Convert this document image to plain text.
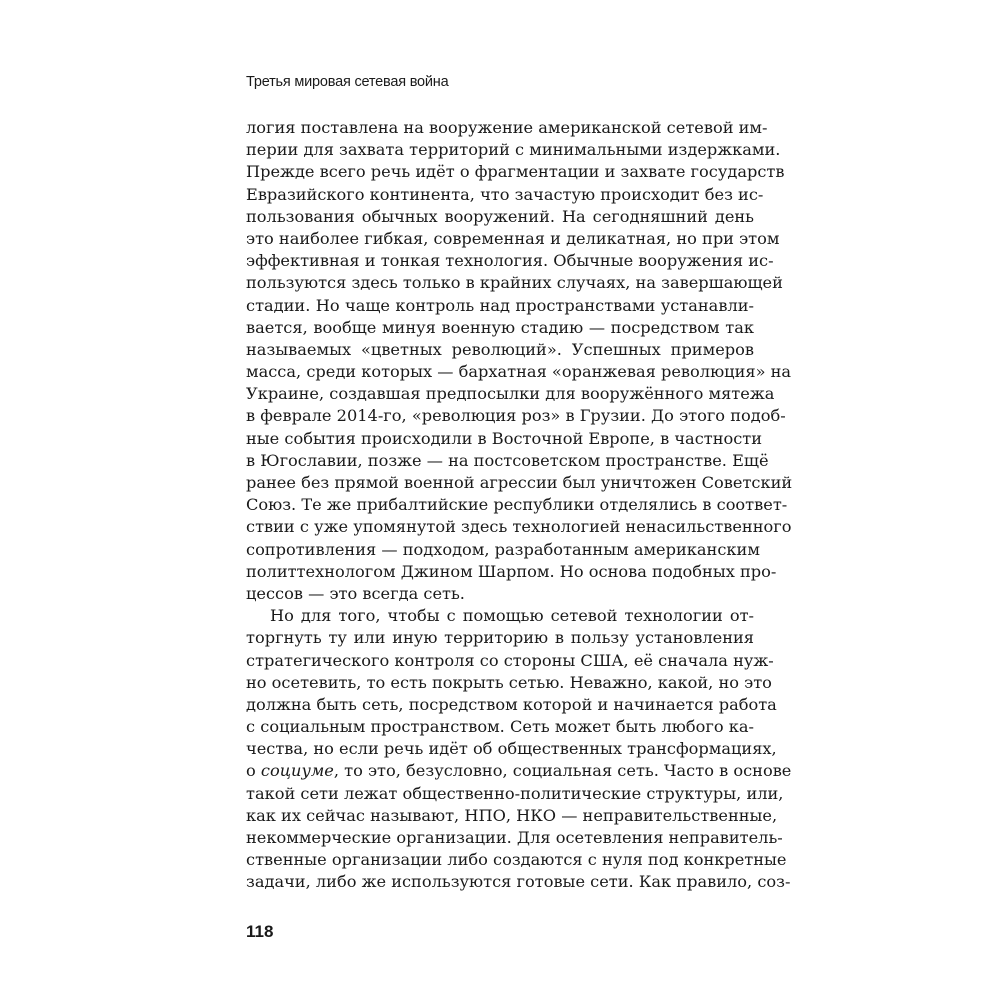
Третья мировая сетевая война
логия поставлена на вооружение американской сетевой им-
перии для захвата территорий с минимальными издержками.
Прежде всего речь идёт о фрагментации и захвате государств
Евразийского континента, что зачастую происходит без ис-
пользования обычных вооружений. На сегодняшний день
это наиболее гибкая, современная и деликатная, но при этом
эффективная и тонкая технология. Обычные вооружения ис-
пользуются здесь только в крайних случаях, на завершающей
стадии. Но чаще контроль над пространствами устанавли-
вается, вообще минуя военную стадию — посредством так
называемых «цветных революций». Успешных примеров
масса, среди которых — бархатная «оранжевая революция» на
Украине, создавшая предпосылки для вооружённого мятежа
в феврале 2014-го, «революция роз» в Грузии. До этого подоб-
ные события происходили в Восточной Европе, в частности
в Югославии, позже — на постсоветском пространстве. Ещё
ранее без прямой военной агрессии был уничтожен Советский
Союз. Те же прибалтийские республики отделялись в соответ-
ствии с уже упомянутой здесь технологией ненасильственного
сопротивления — подходом, разработанным американским
политтехнологом Джином Шарпом. Но основа подобных про-
цессов — это всегда сеть.
Но для того, чтобы с помощью сетевой технологии от-
торгнуть ту или иную территорию в пользу установления
стратегического контроля со стороны США, её сначала нуж-
но осетевить, то есть покрыть сетью. Неважно, какой, но это
должна быть сеть, посредством которой и начинается работа
с социальным пространством. Сеть может быть любого ка-
чества, но если речь идёт об общественных трансформациях,
о социуме, то это, безусловно, социальная сеть. Часто в основе
такой сети лежат общественно-политические структуры, или,
как их сейчас называют, НПО, НКО — неправительственные,
некоммерческие организации. Для осетевления неправитель-
ственные организации либо создаются с нуля под конкретные
задачи, либо же используются готовые сети. Как правило, соз-
118
